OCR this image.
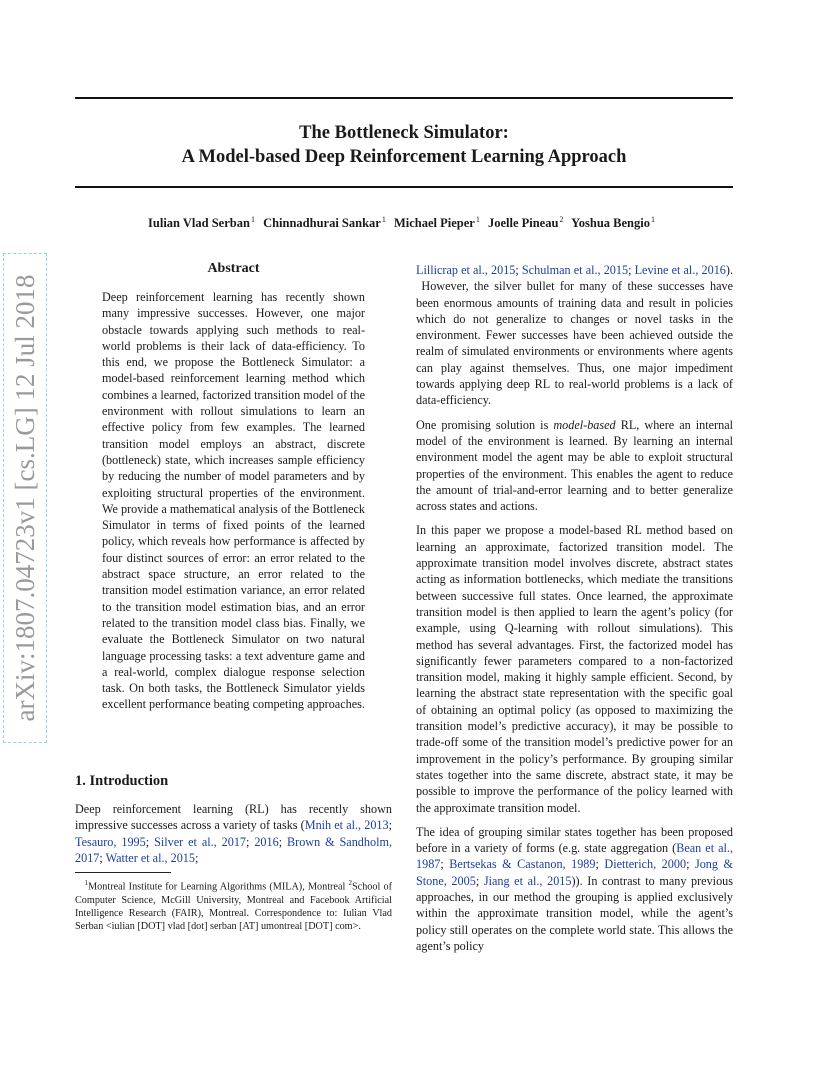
The Bottleneck Simulator:
A Model-based Deep Reinforcement Learning Approach
Iulian Vlad Serban$^1$ Chinnadhurai Sankar$^1$ Michael Pieper$^1$ Joelle Pineau$^2$ Yoshua Bengio$^1$
arXiv:1807.04723v1 [cs.LG] 12 Jul 2018
Abstract

Deep reinforcement learning has recently shown many impressive successes. However, one major obstacle towards applying such methods to real-world problems is their lack of data-efficiency. To this end, we propose the Bottleneck Simulator: a model-based reinforcement learning method which combines a learned, factorized transition model of the environment with rollout simulations to learn an effective policy from few examples. The learned transition model employs an abstract, discrete (bottleneck) state, which increases sample efficiency by reducing the number of model parameters and by exploiting structural properties of the environment. We provide a mathematical analysis of the Bottleneck Simulator in terms of fixed points of the learned policy, which reveals how performance is affected by four distinct sources of error: an error related to the abstract space structure, an error related to the transition model estimation variance, an error related to the transition model estimation bias, and an error related to the transition model class bias. Finally, we evaluate the Bottleneck Simulator on two natural language processing tasks: a text adventure game and a real-world, complex dialogue response selection task. On both tasks, the Bottleneck Simulator yields excellent performance beating competing approaches.

1. Introduction

Deep reinforcement learning (RL) has recently shown impressive successes across a variety of tasks (Mnih et al., 2013; Tesauro, 1995; Silver et al., 2017; 2016; Brown & Sandholm, 2017; Watter et al., 2015;

$^1$Montreal Institute for Learning Algorithms (MILA), Montreal $^2$School of Computer Science, McGill University, Montreal and Facebook Artificial Intelligence Research (FAIR), Montreal. Correspondence to: Iulian Vlad Serban <iulian [DOT] vlad [dot] serban [AT] umontreal [DOT] com>.

Lillicrap et al., 2015; Schulman et al., 2015; Levine et al., 2016).  However, the silver bullet for many of these successes have been enormous amounts of training data and result in policies which do not generalize to changes or novel tasks in the environment. Fewer successes have been achieved outside the realm of simulated environments or environments where agents can play against themselves. Thus, one major impediment towards applying deep RL to real-world problems is a lack of data-efficiency.

One promising solution is model-based RL, where an internal model of the environment is learned. By learning an internal environment model the agent may be able to exploit structural properties of the environment. This enables the agent to reduce the amount of trial-and-error learning and to better generalize across states and actions.

In this paper we propose a model-based RL method based on learning an approximate, factorized transition model. The approximate transition model involves discrete, abstract states acting as information bottlenecks, which mediate the transitions between successive full states. Once learned, the approximate transition model is then applied to learn the agent’s policy (for example, using Q-learning with rollout simulations). This method has several advantages. First, the factorized model has significantly fewer parameters compared to a non-factorized transition model, making it highly sample efficient. Second, by learning the abstract state representation with the specific goal of obtaining an optimal policy (as opposed to maximizing the transition model’s predictive accuracy), it may be possible to trade-off some of the transition model’s predictive power for an improvement in the policy’s performance. By grouping similar states together into the same discrete, abstract state, it may be possible to improve the performance of the policy learned with the approximate transition model.

The idea of grouping similar states together has been proposed before in a variety of forms (e.g. state aggregation (Bean et al., 1987; Bertsekas & Castanon, 1989; Dietterich, 2000; Jong & Stone, 2005; Jiang et al., 2015)). In contrast to many previous approaches, in our method the grouping is applied exclusively within the approximate transition model, while the agent’s policy still operates on the complete world state. This allows the agent’s policy
